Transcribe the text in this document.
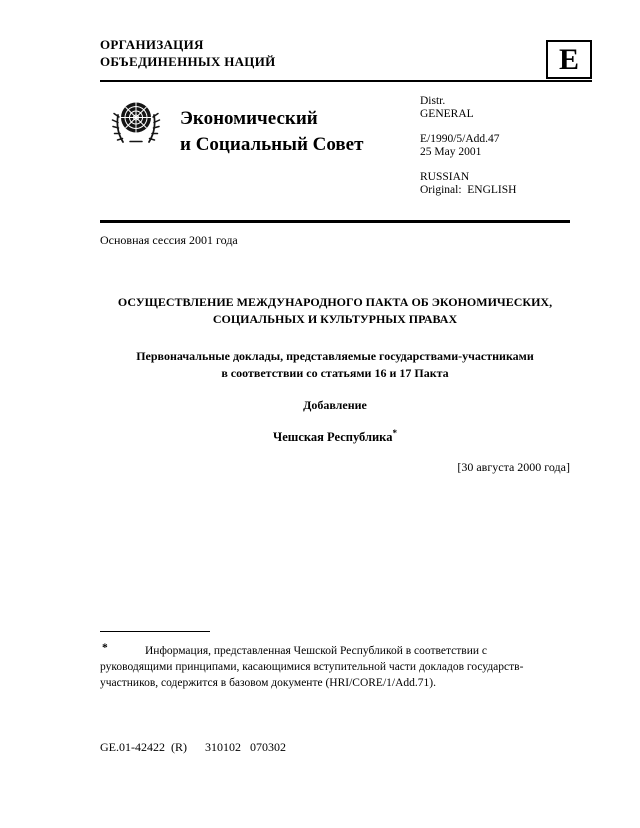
ОРГАНИЗАЦИЯ
ОБЪЕДИНЕННЫХ НАЦИЙ	E
Экономический
и Социальный Совет
Distr.
GENERAL
E/1990/5/Add.47
25 May 2001
RUSSIAN
Original:  ENGLISH
Основная сессия 2001 года
ОСУЩЕСТВЛЕНИЕ МЕЖДУНАРОДНОГО ПАКТА ОБ ЭКОНОМИЧЕСКИХ,
СОЦИАЛЬНЫХ И КУЛЬТУРНЫХ ПРАВАХ
Первоначальные доклады, представляемые государствами-участниками
в соответствии со статьями 16 и 17 Пакта
Добавление
Чешская Республика*
[30 августа 2000 года]
*	Информация, представленная Чешской Республикой в соответствии с руководящими принципами, касающимися вступительной части докладов государств-участников, содержится в базовом документе (HRI/CORE/1/Add.71).

GE.01-42422  (R)      310102   070302
